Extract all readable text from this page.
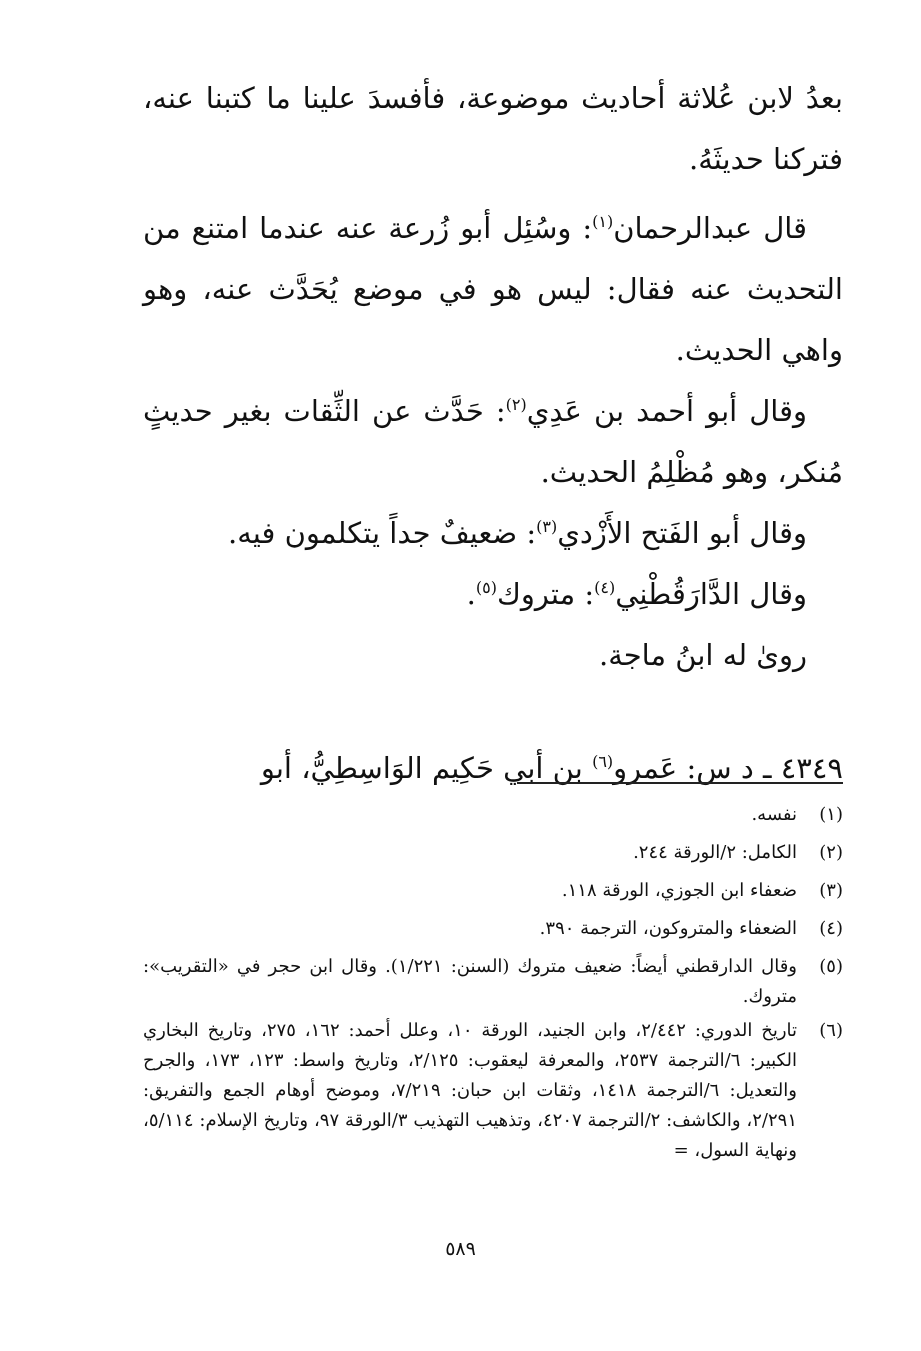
بعدُ لابن عُلاثة أحاديث موضوعة، فأفسدَ علينا ما كتبنا عنه، فتركنا حديثَهُ.

قال عبدالرحمان$^{(١)}$: وسُئِل أبو زُرعة عنه عندما امتنع من التحديث عنه فقال: ليس هو في موضع يُحَدَّث عنه، وهو واهي الحديث.

وقال أبو أحمد بن عَدِي$^{(٢)}$: حَدَّث عن الثِّقات بغير حديثٍ مُنكر، وهو مُظْلِمُ الحديث.

وقال أبو الفَتح الأَزْدي$^{(٣)}$: ضعيفٌ جداً يتكلمون فيه.

وقال الدَّارَقُطْنِي$^{(٤)}$: متروك$^{(٥)}$.

روىٰ له ابنُ ماجة.

٤٣٤٩ ـ د س: عَمرو$^{(٦)}$ بن أبي حَكِيم الوَاسِطِيُّ، أبو

(١)
نفسه.
(٢)
الكامل: ٢/الورقة ٢٤٤.
(٣)
ضعفاء ابن الجوزي، الورقة ١١٨.
(٤)
الضعفاء والمتروكون، الترجمة ٣٩٠.
(٥)
وقال الدارقطني أيضاً: ضعيف متروك (السنن: ١/٢٢١). وقال ابن حجر في «التقريب»: متروك.
(٦)
تاريخ الدوري: ٢/٤٤٢، وابن الجنيد، الورقة ١٠، وعلل أحمد: ١٦٢، ٢٧٥، وتاريخ البخاري الكبير: ٦/الترجمة ٢٥٣٧، والمعرفة ليعقوب: ٢/١٢٥، وتاريخ واسط: ١٢٣، ١٧٣، والجرح والتعديل: ٦/الترجمة ١٤١٨، وثقات ابن حبان: ٧/٢١٩، وموضح أوهام الجمع والتفريق: ٢/٢٩١، والكاشف: ٢/الترجمة ٤٢٠٧، وتذهيب التهذيب ٣/الورقة ٩٧، وتاريخ الإسلام: ٥/١١٤، ونهاية السول، =
٥٨٩
